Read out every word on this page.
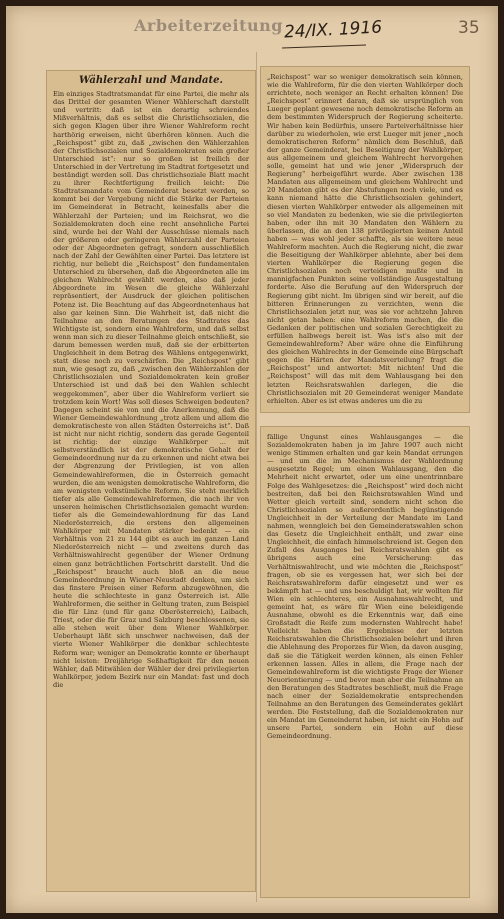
Arbeiterzeitung 24/IX. 1916	35
Wählerzahl und Mandate.
Ein einziges Stadtratsmandat für eine Partei, die mehr als das Drittel der gesamten Wiener Wählerschaft darstellt und vertritt: daß ist ein derartig schreiendes Mißverhältnis, daß es selbst die Christlichsozialen, die sich gegen Klagen über ihre Wiener Wahlreform recht harthörig erweisen, nicht überhören können. Auch die „Reichspost“ gibt zu, daß „zwischen den Wählerzahlen der Christlichsozialen und Sozialdemokraten sein großer Unterschied ist“: nur so großen ist freilich der Unterschied in der Vertretung im Stadtrat fortgesetzt und beständigt werden soll. Das christlichsoziale Blatt macht zu ihrer Rechtfertigung freilich leicht: Die Stadtratsmandate vom Gemeinderat besetzt werden, so kommt bei der Vergebung nicht die Stärke der Parteien im Gemeinderat in Betracht, keinesfalls aber die Wählerzahl der Parteien; und im Reichsrat, wo die Sozialdemokraten doch eine recht ansehnliche Partei sind, wurde bei der Wahl der Ausschüsse niemals nach der größeren oder geringeren Wählerzahl der Parteien oder der Abgeordneten gefragt, sondern ausschließlich nach der Zahl der Gewählten einer Partei. Das letztere ist richtig, nur beliebt die „Reichspost“ den fundamentalen Unterschied zu übersehen, daß die Abgeordneten alle im gleichen Wahlrecht gewählt werden, also daß jeder Abgeordnete im Wesen die gleiche Wählerzahl repräsentiert, der Ausdruck der gleichen politischen Potenz ist. Die Beachtung auf das Abgeordnetenhaus hat also gar keinen Sinn. Die Wahrheit ist, daß nicht die Teilnahme an den Beratungen des Stadtrates das Wichtigste ist, sondern eine Wahlreform, und daß selbst wenn man sich zu dieser Teilnahme gleich entschließt, sie darum bemessen werden muß, daß sie der erbitterten Ungleichheit in dem Betrag des Wählens entgegenwirkt, statt diese noch zu verschärfen. Die „Reichspost“ gibt nun, wie gesagt zu, daß „zwischen den Wählerzahlen der Christlichsozialen und Sozialdemokraten kein großer Unterschied ist und daß bei den Wahlen schlecht weggekommen“, aber über die Wahlreform verliert sie trotzdem kein Wort! Was soll dieses Schweigen bedeuten? Dagegen scheint sie von und die Anerkennung, daß die Wiener Gemeindewahlordnung „trotz allem und allem die demokratischeste von allen Städten Österreichs ist“. Daß ist nicht nur nicht richtig, sondern das gerade Gegenteil ist richtig: der einzige Wahlkörper ... mit selbstverständlich ist der demokratische Gehalt der Gemeindeordnung nur da zu erkennen und nicht etwa bei der Abgrenzung der Privilegien, ist von allen Gemeindewahlreformen, die in Österreich gemacht wurden, die am wenigsten demokratische Wahlreform, die am wenigsten volkstümliche Reform. Sie steht merklich tiefer als alle Gemeindewahlreformen, die nach ihr von unseren heimischen Christlichsozialen gemacht wurden: tiefer als die Gemeindewahlordnung für das Land Niederösterreich, die erstens den allgemeinen Wahlkörper mit Mandaten stärker bedenkt — ein Verhältnis von 21 zu 144 gibt es auch im ganzen Land Niederösterreich nicht — und zweitens durch das Verhältniswahlrecht gegenüber der Wiener Ordnung einen ganz beträchtlichen Fortschritt darstellt. Und die „Reichspost“ braucht auch bloß an die neue Gemeindeordnung in Wiener-Neustadt denken, um sich das finstere Preisen einer Reform abzugewöhnen, die heute die schlechteste in ganz Österreich ist. Alle Wahlreformen, die seither in Geltung traten, zum Beispiel die für Linz (und für ganz Oberösterreich), Laibach, Triest, oder die für Graz und Salzburg beschlossenen, sie alle stehen weit über dem Wiener Wahlkörper. Ueberhaupt läßt sich unschwer nachweisen, daß der vierte Wiener Wahlkörper die denkbar schlechteste Reform war; weniger an Demokratie konnte er überhaupt nicht leisten: Dreijährige Seßhaftigkeit für den neuen Wähler, daß Mitwählen der Wähler der drei privilegierten Wahlkörper, jedem Bezirk nur ein Mandat: fast und doch die
„Reichspost“ war so weniger demokratisch sein können, wie die Wahlreform, für die den vierten Wahlkörper doch errichtete, noch weniger an Recht erhalten können! Die „Reichspost“ erinnert daran, daß sie ursprünglich von Lueger geplant gewesene noch demokratische Reform an dem bestimmten Widerspruch der Regierung scheiterte. Wir haben kein Bedürfnis, unsere Parteiverhältnisse hier darüber zu wiederholen, wie erst Lueger mit jener „noch demokratischeren Reform“ nämlich dem Beschluß, daß der ganze Gemeinderat, bei Beseitigung der Wahlkörper, aus allgemeinem und gleichem Wahlrecht hervorgehen solle, gemeint hat und wie jener „Widerspruch der Regierung“ herbeigeführt wurde. Aber zwischen 138 Mandaten aus allgemeinem und gleichem Wahlrecht und 20 Mandaten gibt es der Abstufungen noch viele, und es kann niemand hätte die Christlichsozialen gehindert, diesen vierten Wahlkörper entweder als allgemeinen mit so viel Mandaten zu bedenken, wie sie die privilegierten haben, oder ihn mit 30 Mandaten den Wählern zu überlassen, die an den 138 privilegierten keinen Anteil haben — was wohl jeder schaffte, als sie weitere neue Wahlreform machten. Auch die Regierung nicht, die zwar die Beseitigung der Wahlkörper ablehnte, aber bei dem vierten Wahlkörper die Regierung gegen die Christlichsozialen noch verteidigen mußte und in mannigfachen Punkten seine vollständige Ausgestaltung forderte. Also die Berufung auf den Widerspruch der Regierung gibt nicht. Im übrigen sind wir bereit, auf die bitteren Erinnerungen zu verzichten, wenn die Christlichsozialen jetzt nur, was sie vor achtzehn Jahren nicht getan haben: eine Wahlreform machen, die die Gedanken der politischen und sozialen Gerechtigkeit zu erfüllen halbwegs bereit ist. Was ist's also mit der Gemeindewahlreform? Aber wäre ohne die Einführung des gleichen Wahlrechts in der Gemeinde eine Bürgschaft gegen die Härten der Mandatsverteilung? fragt die „Reichspost“ und antwortet: Mit nichten! Und die „Reichspost“ will das mit dem Wahlausgang bei den letzten Reichsratswahlen darlegen, die die Christlichsozialen mit 20 Gemeinderat weniger Mandate erhielten. Aber es ist etwas anderes um die zu
fällige Ungunst eines Wahlausganges — die Sozialdemokraten haben ja im Jahre 1907 auch nicht wenige Stimmen erhalten und gar kein Mandat errungen — und um die im Mechanismus der Wahlordnung ausgesetzte Regel; um einen Wahlausgang, den die Mehrheit nicht erwartet, oder um eine unentrinnbare Folge des Wahlgesetzes: die „Reichspost“ wird doch nicht bestreiten, daß bei den Reichsratswahlen Wind und Wetter gleich verteilt sind, sondern nicht schon die Christlichsozialen so außerordentlich begünstigende Ungleichheit in der Verteilung der Mandate im Land nahmen, wenngleich bei den Gemeinderatswahlen schon das Gesetz die Ungleichheit enthält, und zwar eine Ungleichheit, die einfach himmelschreiend ist. Gegen den Zufall des Ausganges bei Reichsratswahlen gibt es übrigens auch eine Versicherung: das Verhältniswahlrecht, und wie möchten die „Reichspost“ fragen, ob sie es vergessen hat, wer sich bei der Reichsratswahlreform dafür eingesetzt und wer es bekämpft hat — und uns beschuldigt hat, wir wollten für Wien ein schlechteres, ein Ausnahmswahlrecht, und gemeint hat, es wäre für Wien eine beleidigende Ausnahme, obwohl es die Erkenntnis war, daß eine Großstadt die Reife zum modernsten Wahlrecht habe! Vielleicht haben die Ergebnisse der letzten Reichsratswahlen die Christlichsozialen belehrt und ihren die Ablehnung des Proporzes für Wien, da davon ausging, daß sie die Tätigkeit werden können, als einen Fehler erkennen lassen. Alles in allem, die Frage nach der Gemeindewahlreform ist die wichtigste Frage der Wiener Neuorientierung — und bevor man aber die Teilnahme an den Beratungen des Stadtrates beschließt, muß die Frage nach einer der Sozialdemokratie entsprechenden Teilnahme an den Beratungen des Gemeinderates geklärt werden. Die Feststellung, daß die Sozialdemokraten nur ein Mandat im Gemeinderat haben, ist nicht ein Hohn auf unsere Partei, sondern ein Hohn auf diese Gemeindeordnung.
